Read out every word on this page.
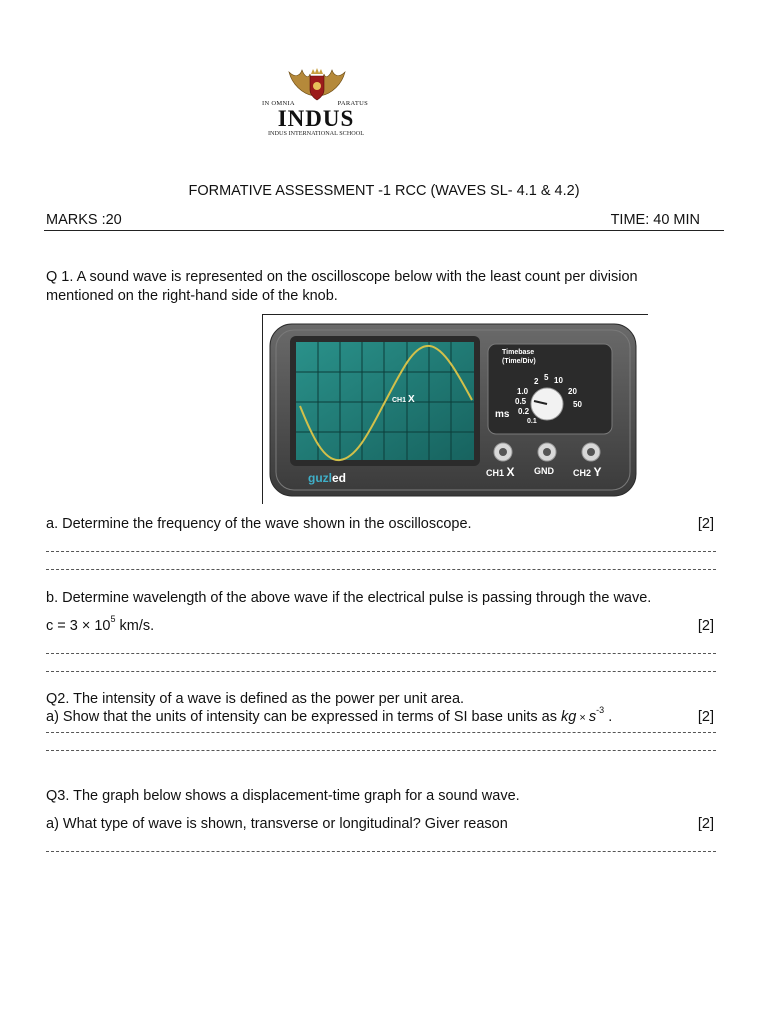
IN OMNIA	PARATUS
INDUS
INDUS INTERNATIONAL SCHOOL
FORMATIVE ASSESSMENT -1 RCC (WAVES SL- 4.1 & 4.2)
MARKS :20	TIME: 40 MIN
Q 1. A sound wave is represented on the oscilloscope below with the least count per division
mentioned on the right-hand side of the knob.
CH1 X
Timebase
(Time/Div)
2 5 10
1.0	20
0.5	50
0.2
0.1
ms
CH1 X GND CH2 Y
guzled
a. Determine the frequency of the wave shown in the oscilloscope.	[2]
b. Determine wavelength of the above wave if the electrical pulse is passing through the wave.
$c = 3 \times 10^5$ km/s.	[2]
Q2. The intensity of a wave is defined as the power per unit area.
a) Show that the units of intensity can be expressed in terms of SI base units as kg × $s^{-3}$ .	[2]
Q3. The graph below shows a displacement-time graph for a sound wave.
a) What type of wave is shown, transverse or longitudinal? Giver reason	[2]
